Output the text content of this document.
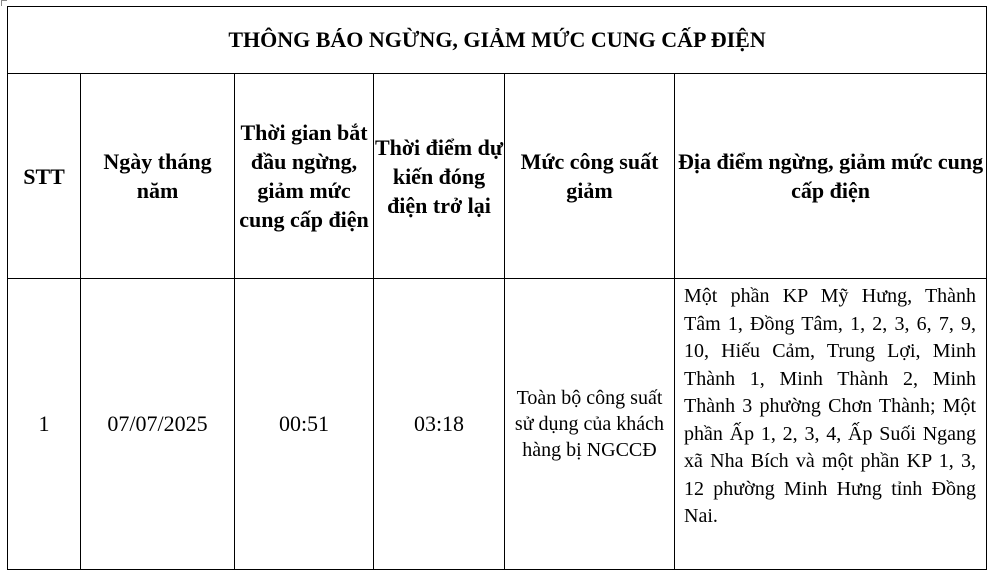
THÔNG BÁO NGỪNG, GIẢM MỨC CUNG CẤP ĐIỆN					
STT	Ngày tháng năm	Thời gian bắt đầu ngừng, giảm mức cung cấp điện	Thời điểm dự kiến đóng điện trở lại	Mức công suất giảm	Địa điểm ngừng, giảm mức cung cấp điện
1	07/07/2025	00:51	03:18	Toàn bộ công suất sử dụng của khách hàng bị NGCCĐ	Một phần KP Mỹ Hưng, Thành Tâm 1, Đồng Tâm, 1, 2, 3, 6, 7, 9, 10, Hiếu Cảm, Trung Lợi, Minh Thành 1, Minh Thành 2, Minh Thành 3 phường Chơn Thành; Một phần Ấp 1, 2, 3, 4, Ấp Suối Ngang xã Nha Bích và một phần KP 1, 3, 12 phường Minh Hưng tỉnh Đồng Nai.
